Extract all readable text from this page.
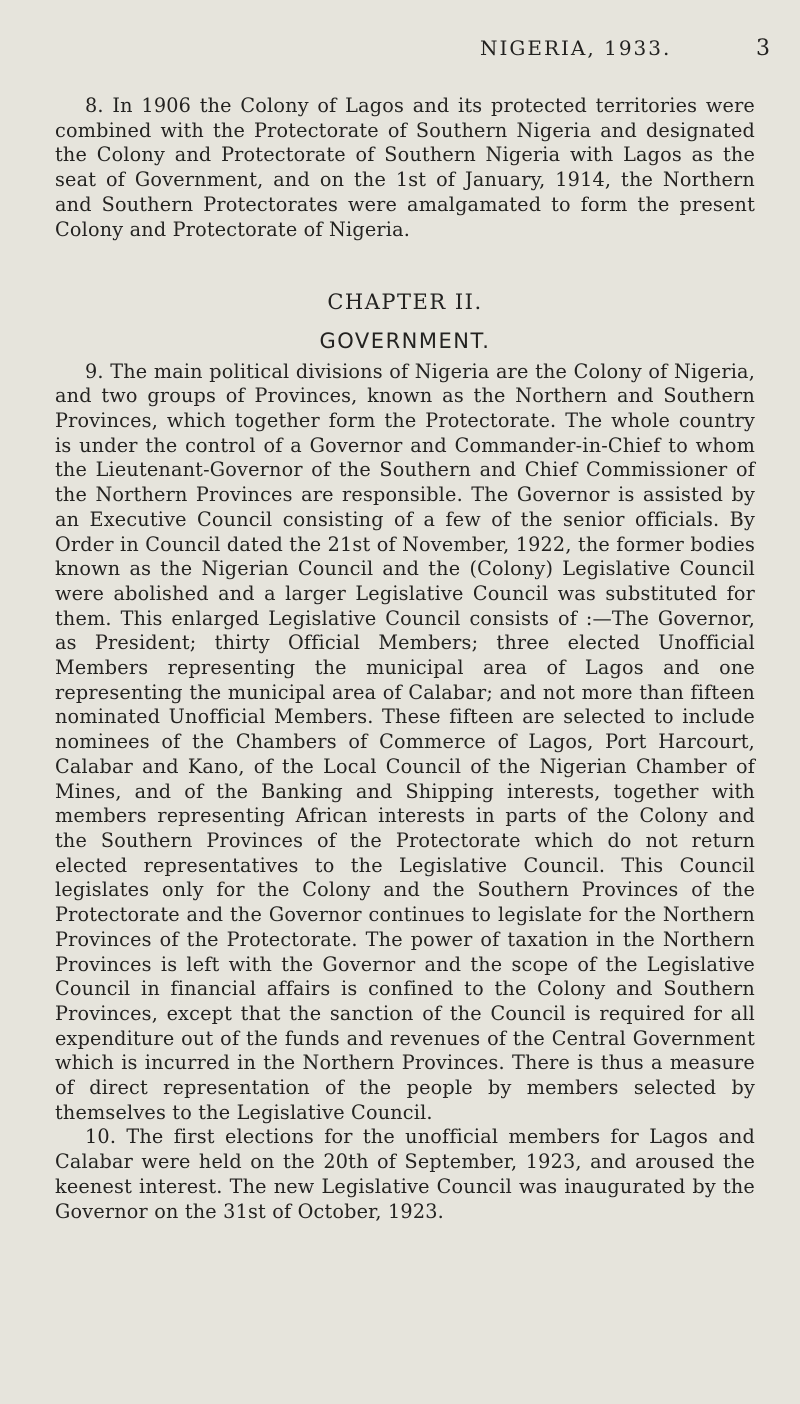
NIGERIA, 1933.	3

8. In 1906 the Colony of Lagos and its protected territories were combined with the Protectorate of Southern Nigeria and designated the Colony and Protectorate of Southern Nigeria with Lagos as the seat of Government, and on the 1st of January, 1914, the Northern and Southern Protectorates were amalgamated to form the present Colony and Protectorate of Nigeria.

CHAPTER II.
GOVERNMENT.

9. The main political divisions of Nigeria are the Colony of Nigeria, and two groups of Provinces, known as the Northern and Southern Provinces, which together form the Protectorate. The whole country is under the control of a Governor and Commander-in-Chief to whom the Lieutenant-Governor of the Southern and Chief Commissioner of the Northern Provinces are responsible. The Governor is assisted by an Executive Council consisting of a few of the senior officials. By Order in Council dated the 21st of November, 1922, the former bodies known as the Nigerian Council and the (Colony) Legislative Council were abolished and a larger Legislative Council was substituted for them. This enlarged Legislative Council consists of :—The Governor, as President; thirty Official Members; three elected Unofficial Members representing the municipal area of Lagos and one representing the municipal area of Calabar; and not more than fifteen nominated Unofficial Members. These fifteen are selected to include nominees of the Chambers of Commerce of Lagos, Port Harcourt, Calabar and Kano, of the Local Council of the Nigerian Chamber of Mines, and of the Banking and Shipping interests, together with members representing African interests in parts of the Colony and the Southern Provinces of the Protectorate which do not return elected representatives to the Legislative Council. This Council legislates only for the Colony and the Southern Provinces of the Protectorate and the Governor continues to legislate for the Northern Provinces of the Protectorate. The power of taxation in the Northern Provinces is left with the Governor and the scope of the Legislative Council in financial affairs is confined to the Colony and Southern Provinces, except that the sanction of the Council is required for all expenditure out of the funds and revenues of the Central Government which is incurred in the Northern Provinces. There is thus a measure of direct representation of the people by members selected by themselves to the Legislative Council.

10. The first elections for the unofficial members for Lagos and Calabar were held on the 20th of September, 1923, and aroused the keenest interest. The new Legislative Council was inaugurated by the Governor on the 31st of October, 1923.
